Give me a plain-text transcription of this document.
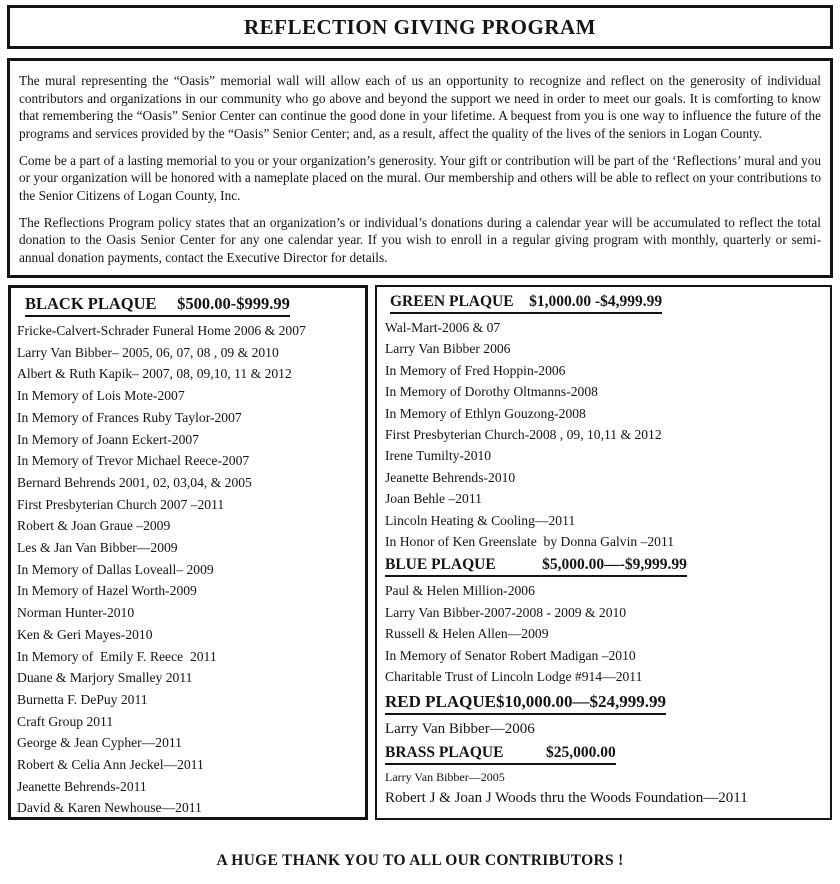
REFLECTION GIVING PROGRAM

The mural representing the “Oasis” memorial wall will allow each of us an opportunity to recognize and reflect on the generosity of individual contributors and organizations in our community who go above and beyond the support we need in order to meet our goals. It is comforting to know that remembering the “Oasis” Senior Center can continue the good done in your lifetime. A bequest from you is one way to influence the future of the programs and services provided by the “Oasis” Senior Center; and, as a result, affect the quality of the lives of the seniors in Logan County.

Come be a part of a lasting memorial to you or your organization’s generosity. Your gift or contribution will be part of the ‘Reflections’ mural and you or your organization will be honored with a nameplate placed on the mural. Our membership and others will be able to reflect on your contributions to the Senior Citizens of Logan County, Inc.

The Reflections Program policy states that an organization’s or individual’s donations during a calendar year will be accumulated to reflect the total donation to the Oasis Senior Center for any one calendar year. If you wish to enroll in a regular giving program with monthly, quarterly or semi-annual donation payments, contact the Executive Director for details.

BLACK PLAQUE     $500.00-$999.99
Fricke-Calvert-Schrader Funeral Home 2006 & 2007
Larry Van Bibber– 2005, 06, 07, 08 , 09 & 2010
Albert & Ruth Kapik– 2007, 08, 09,10, 11 & 2012
In Memory of Lois Mote-2007
In Memory of Frances Ruby Taylor-2007
In Memory of Joann Eckert-2007
In Memory of Trevor Michael Reece-2007
Bernard Behrends 2001, 02, 03,04, & 2005
First Presbyterian Church 2007 –2011
Robert & Joan Graue –2009
Les & Jan Van Bibber—2009
In Memory of Dallas Loveall– 2009
In Memory of Hazel Worth-2009
Norman Hunter-2010
Ken & Geri Mayes-2010
In Memory of  Emily F. Reece  2011
Duane & Marjory Smalley 2011
Burnetta F. DePuy 2011
Craft Group 2011
George & Jean Cypher—2011
Robert & Celia Ann Jeckel—2011
Jeanette Behrends-2011
David & Karen Newhouse—2011
GREEN PLAQUE    $1,000.00 -$4,999.99
Wal-Mart-2006 & 07
Larry Van Bibber 2006
In Memory of Fred Hoppin-2006
In Memory of Dorothy Oltmanns-2008
In Memory of Ethlyn Gouzong-2008
First Presbyterian Church-2008 , 09, 10,11 & 2012
Irene Tumilty-2010
Jeanette Behrends-2010
Joan Behle –2011
Lincoln Heating & Cooling—2011
In Honor of Ken Greenslate  by Donna Galvin –2011
BLUE PLAQUE            $5,000.00—-$9,999.99
Paul & Helen Million-2006
Larry Van Bibber-2007-2008 - 2009 & 2010
Russell & Helen Allen—2009
In Memory of Senator Robert Madigan –2010
Charitable Trust of Lincoln Lodge #914—2011
RED PLAQUE$10,000.00—$24,999.99
Larry Van Bibber—2006
BRASS PLAQUE           $25,000.00
Larry Van Bibber—2005
Robert J & Joan J Woods thru the Woods Foundation—2011
A HUGE THANK YOU TO ALL OUR CONTRIBUTORS !
